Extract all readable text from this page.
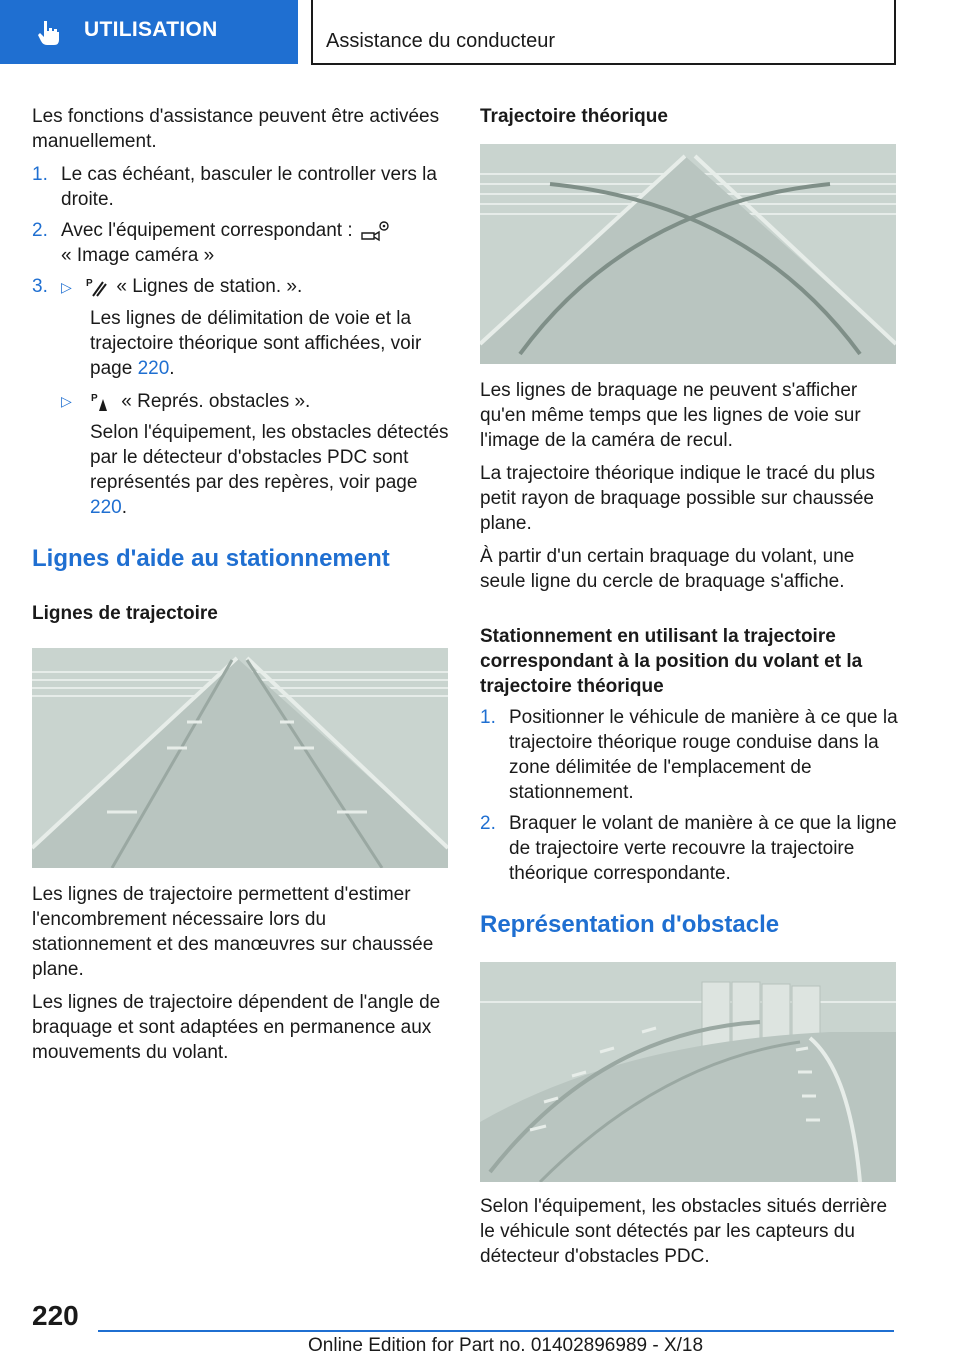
UTILISATION	Assistance du conducteur

Les fonctions d'assistance peuvent être activées manuellement.

1. Le cas échéant, basculer le controller vers la droite.
2. Avec l'équipement correspondant :
« Image caméra »
3. ▷ P « Lignes de station. ».

Les lignes de délimitation de voie et la trajectoire théorique sont affichées, voir page 220.

▷ P « Représ. obstacles ».

Selon l'équipement, les obstacles détectés par le détecteur d'obstacles PDC sont représentés par des repères, voir page 220.

Lignes d'aide au stationnement

Lignes de trajectoire

Les lignes de trajectoire permettent d'estimer l'encombrement nécessaire lors du stationnement et des manœuvres sur chaussée plane.

Les lignes de trajectoire dépendent de l'angle de braquage et sont adaptées en permanence aux mouvements du volant.

Trajectoire théorique

Les lignes de braquage ne peuvent s'afficher qu'en même temps que les lignes de voie sur l'image de la caméra de recul.

La trajectoire théorique indique le tracé du plus petit rayon de braquage possible sur chaussée plane.

À partir d'un certain braquage du volant, une seule ligne du cercle de braquage s'affiche.

Stationnement en utilisant la trajectoire correspondant à la position du volant et la trajectoire théorique

1. Positionner le véhicule de manière à ce que la trajectoire théorique rouge conduise dans la zone délimitée de l'emplacement de stationnement.
2. Braquer le volant de manière à ce que la ligne de trajectoire verte recouvre la trajectoire théorique correspondante.

Représentation d'obstacle

Selon l'équipement, les obstacles situés derrière le véhicule sont détectés par les capteurs du détecteur d'obstacles PDC.

220
Online Edition for Part no. 01402896989 - X/18
